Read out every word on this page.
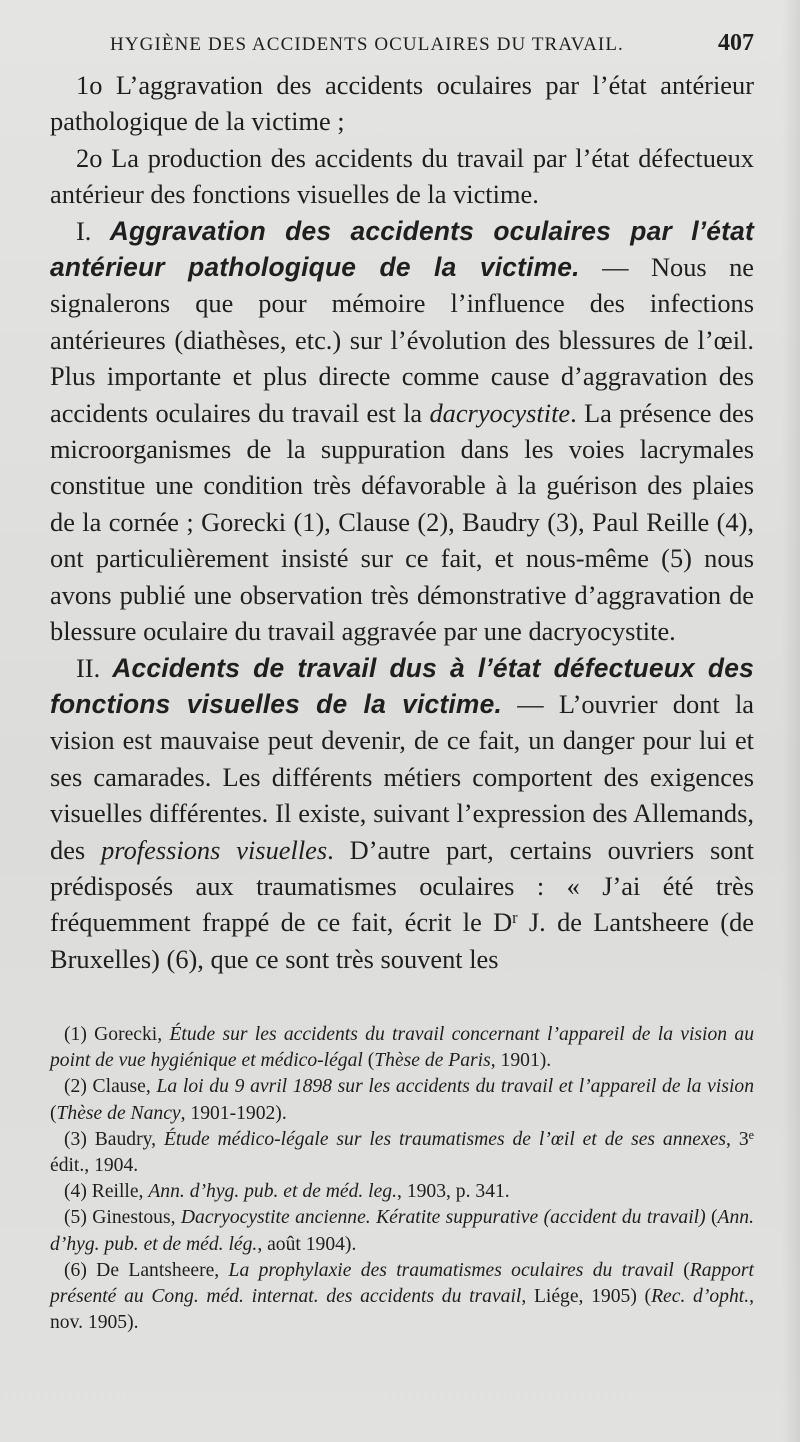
HYGIÈNE DES ACCIDENTS OCULAIRES DU TRAVAIL.	407

1o L’aggravation des accidents oculaires par l’état antérieur pathologique de la victime ;

2o La production des accidents du travail par l’état défectueux antérieur des fonctions visuelles de la victime.

I. Aggravation des accidents oculaires par l’état antérieur pathologique de la victime. — Nous ne signalerons que pour mémoire l’influence des infections antérieures (diathèses, etc.) sur l’évolution des blessures de l’œil. Plus importante et plus directe comme cause d’aggravation des accidents oculaires du travail est la dacryocystite. La présence des microorganismes de la suppuration dans les voies lacrymales constitue une condition très défavorable à la guérison des plaies de la cornée ; Gorecki (1), Clause (2), Baudry (3), Paul Reille (4), ont particulièrement insisté sur ce fait, et nous-même (5) nous avons publié une observation très démonstrative d’aggravation de blessure oculaire du travail aggravée par une dacryocystite.

II. Accidents de travail dus à l’état défectueux des fonctions visuelles de la victime. — L’ouvrier dont la vision est mauvaise peut devenir, de ce fait, un danger pour lui et ses camarades. Les différents métiers comportent des exigences visuelles différentes. Il existe, suivant l’expression des Allemands, des professions visuelles. D’autre part, certains ouvriers sont prédisposés aux traumatismes oculaires : « J’ai été très fréquemment frappé de ce fait, écrit le $D^r$ J. de Lantsheere (de Bruxelles) (6), que ce sont très souvent les

(1) Gorecki, Étude sur les accidents du travail concernant l’appareil de la vision au point de vue hygiénique et médico-légal (Thèse de Paris, 1901).

(2) Clause, La loi du 9 avril 1898 sur les accidents du travail et l’appareil de la vision (Thèse de Nancy, 1901-1902).

(3) Baudry, Étude médico-légale sur les traumatismes de l’œil et de ses annexes, 3e édit., 1904.

(4) Reille, Ann. d’hyg. pub. et de méd. leg., 1903, p. 341.

(5) Ginestous, Dacryocystite ancienne. Kératite suppurative (accident du travail) (Ann. d’hyg. pub. et de méd. lég., août 1904).

(6) De Lantsheere, La prophylaxie des traumatismes oculaires du travail (Rapport présenté au Cong. méd. internat. des accidents du travail, Liége, 1905) (Rec. d’opht., nov. 1905).
